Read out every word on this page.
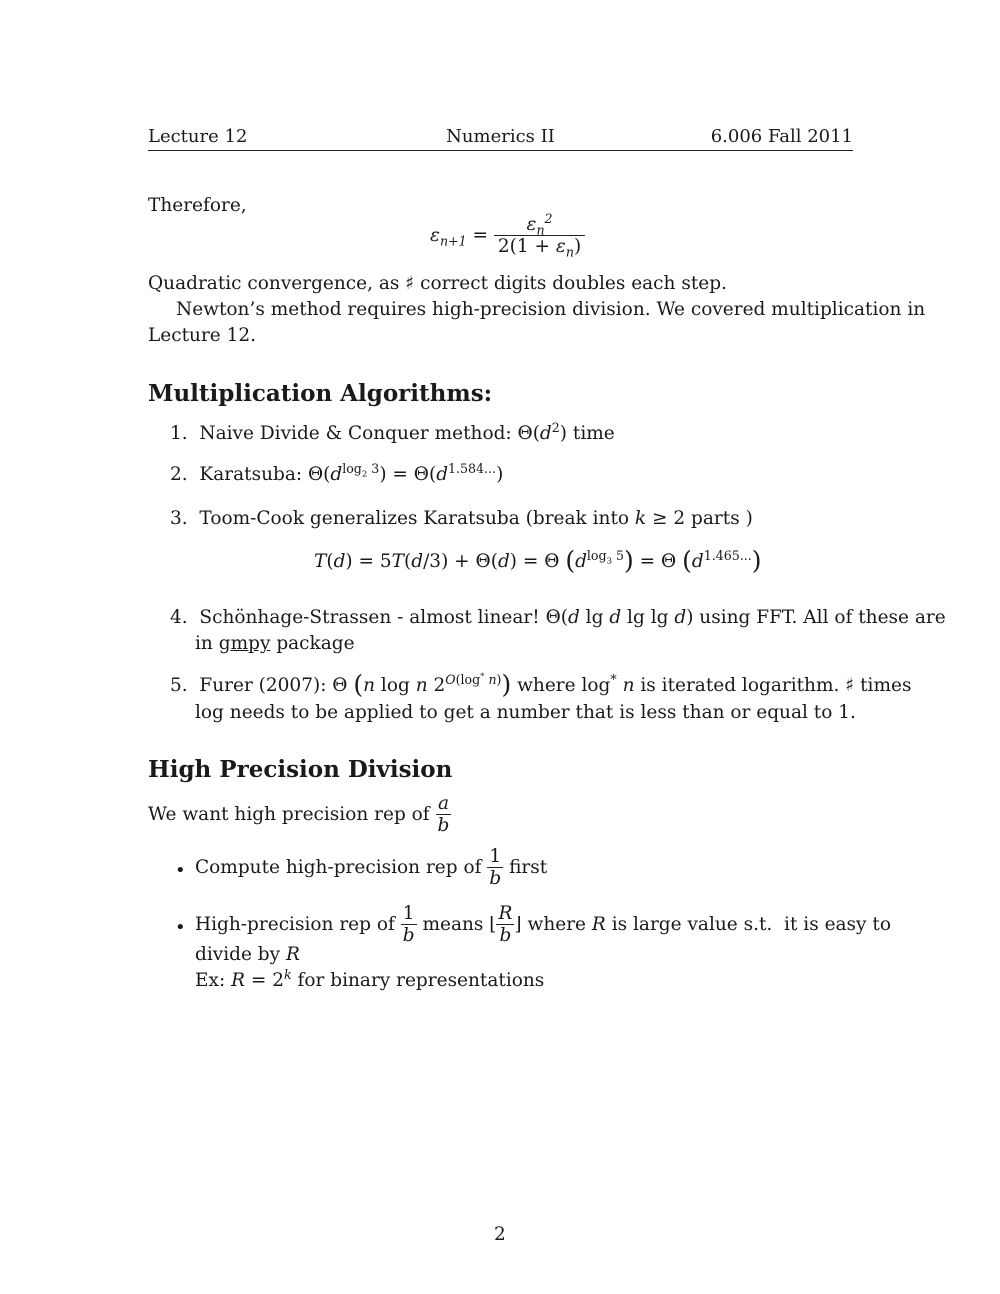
Lecture 12	Numerics II	6.006 Fall 2011
Therefore,
$\varepsilon_{n+1} = \frac{\varepsilon_n^2}{2(1 + \varepsilon_n)}$
Quadratic convergence, as ♯ correct digits doubles each step.
Newton’s method requires high-precision division. We covered multiplication in
Lecture 12.
Multiplication Algorithms:
1.  Naive Divide & Conquer method: $\Theta(d^2)$ time
2.  Karatsuba: $\Theta(d^{log_2 3}) = \Theta(d^{1.584...})$
3.  Toom-Cook generalizes Karatsuba (break into k ≥ 2 parts )
T(d) = 5T(d/3) + Θ(d) = Θ $(d^{log_3 5}) = \Theta$ $(d^{1.465...})$
4.  Schönhage-Strassen - almost linear! Θ(d lg d lg lg d) using FFT. All of these are
in gmpy package
5.  Furer (2007): Θ (n log n $2^{O(log^* n)}$) where log* n is iterated logarithm. ♯ times
log needs to be applied to get a number that is less than or equal to 1.
High Precision Division
We want high precision rep of $\frac{a}{b}$
• Compute high-precision rep of $\frac{1}{b}$ first
• High-precision rep of $\frac{1}{b}$ means ⌊ $\frac{R}{b}$ ⌋ where R is large value s.t.  it is easy to
divide by R
Ex: $R = 2^k$ for binary representations
2
